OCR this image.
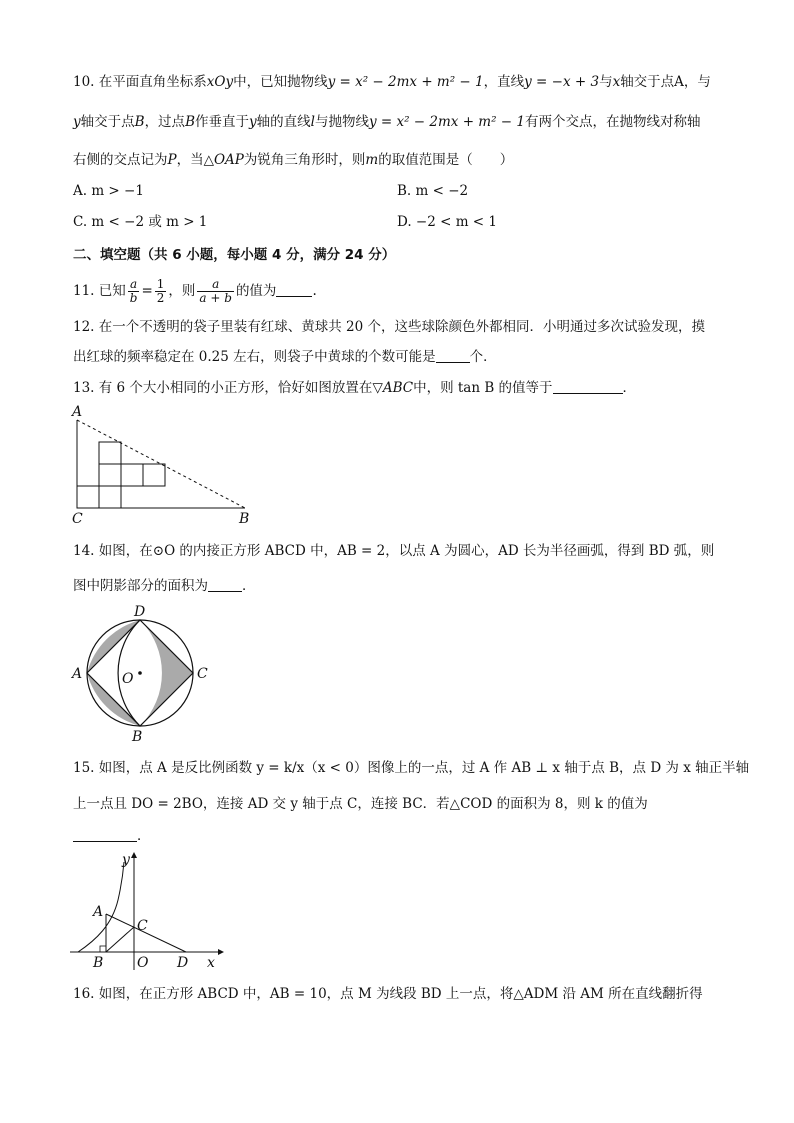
10. 在平面直角坐标系xOy中，已知抛物线y = x² − 2mx + m² − 1，直线y = −x + 3与x轴交于点A，与
y轴交于点B，过点B作垂直于y轴的直线l与抛物线y = x² − 2mx + m² − 1有两个交点，在抛物线对称轴
右侧的交点记为P，当△OAP为锐角三角形时，则m的取值范围是（　　）
A. m > −1	B. m < −2
C. m < −2 或 m > 1	D. −2 < m < 1
二、填空题（共 6 小题，每小题 4 分，满分 24 分）
11. 已知 $\frac{a}{b} = \frac{1}{2}$ ，则 $\frac{a}{a + b}$ 的值为	.
12. 在一个不透明的袋子里装有红球、黄球共 20 个，这些球除颜色外都相同．小明通过多次试验发现，摸
出红球的频率稳定在 0.25 左右，则袋子中黄球的个数可能是	个．
13. 有 6 个大小相同的小正方形，恰好如图放置在▽ABC中，则 tan B 的值等于	．
A
C	B
14. 如图，在⊙O 的内接正方形 ABCD 中，AB = 2，以点 A 为圆心，AD 长为半径画弧，得到 BD 弧，则
图中阴影部分的面积为	．
D
A	C
B
O
15. 如图，点 A 是反比例函数 y = k/x（x < 0）图像上的一点，过 A 作 AB ⊥ x 轴于点 B，点 D 为 x 轴正半轴
上一点且 DO = 2BO，连接 AD 交 y 轴于点 C，连接 BC．若△COD 的面积为 8，则 k 的值为
．
y
x
A
C
B O D
16. 如图，在正方形 ABCD 中，AB = 10，点 M 为线段 BD 上一点，将△ADM 沿 AM 所在直线翻折得
